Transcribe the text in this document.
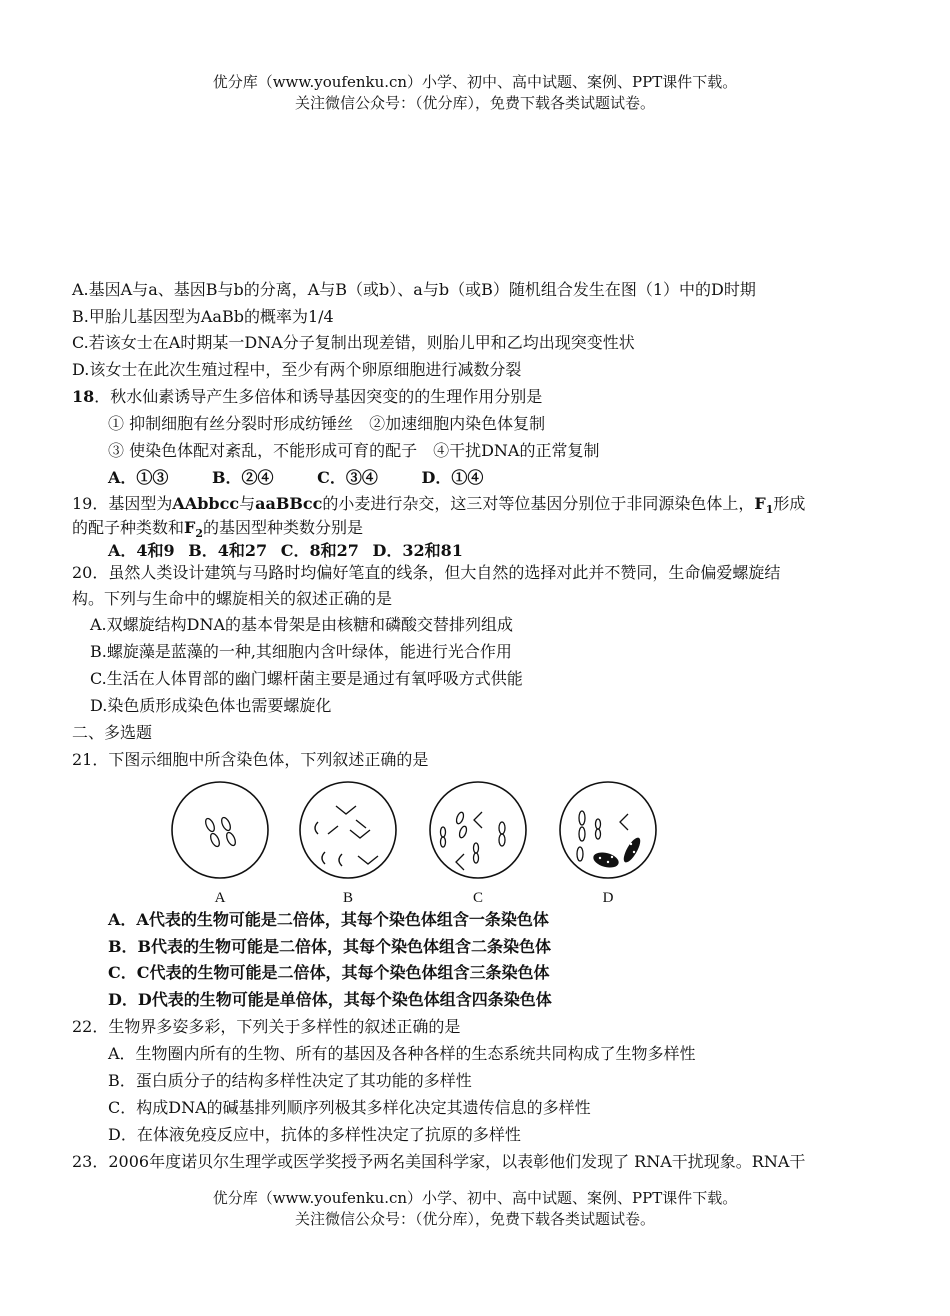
优分库（www.youfenku.cn）小学、初中、高中试题、案例、PPT课件下载。
关注微信公众号：（优分库），免费下载各类试题试卷。
A.基因A与a、基因B与b的分离，A与B（或b）、a与b（或B）随机组合发生在图（1）中的D时期
B.甲胎儿基因型为AaBb的概率为1/4
C.若该女士在A时期某一DNA分子复制出现差错，则胎儿甲和乙均出现突变性状
D.该女士在此次生殖过程中，至少有两个卵原细胞进行减数分裂
18．秋水仙素诱导产生多倍体和诱导基因突变的的生理作用分别是
① 抑制细胞有丝分裂时形成纺锤丝　②加速细胞内染色体复制
③ 使染色体配对紊乱，不能形成可育的配子　④干扰DNA的正常复制
A．①③	B．②④	C．③④	D．①④
19．基因型为AAbbcc与aaBBcc的小麦进行杂交，这三对等位基因分别位于非同源染色体上，$F_1$形成
的配子种类数和$F_2$的基因型种类数分别是
A．4和9 B．4和27 C．8和27 D．32和81
20．虽然人类设计建筑与马路时均偏好笔直的线条，但大自然的选择对此并不赞同，生命偏爱螺旋结
构。下列与生命中的螺旋相关的叙述正确的是
A.双螺旋结构DNA的基本骨架是由核糖和磷酸交替排列组成
B.螺旋藻是蓝藻的一种,其细胞内含叶绿体，能进行光合作用
C.生活在人体胃部的幽门螺杆菌主要是通过有氧呼吸方式供能
D.染色质形成染色体也需要螺旋化
二、多选题
21．下图示细胞中所含染色体，下列叙述正确的是
A	B	C	D
A．A代表的生物可能是二倍体，其每个染色体组含一条染色体
B．B代表的生物可能是二倍体，其每个染色体组含二条染色体
C．C代表的生物可能是二倍体，其每个染色体组含三条染色体
D．D代表的生物可能是单倍体，其每个染色体组含四条染色体
22．生物界多姿多彩，下列关于多样性的叙述正确的是
A．生物圈内所有的生物、所有的基因及各种各样的生态系统共同构成了生物多样性
B．蛋白质分子的结构多样性决定了其功能的多样性
C．构成DNA的碱基排列顺序列极其多样化决定其遗传信息的多样性
D．在体液免疫反应中，抗体的多样性决定了抗原的多样性
23．2006年度诺贝尔生理学或医学奖授予两名美国科学家，以表彰他们发现了 RNA干扰现象。RNA干
优分库（www.youfenku.cn）小学、初中、高中试题、案例、PPT课件下载。
关注微信公众号：（优分库），免费下载各类试题试卷。
